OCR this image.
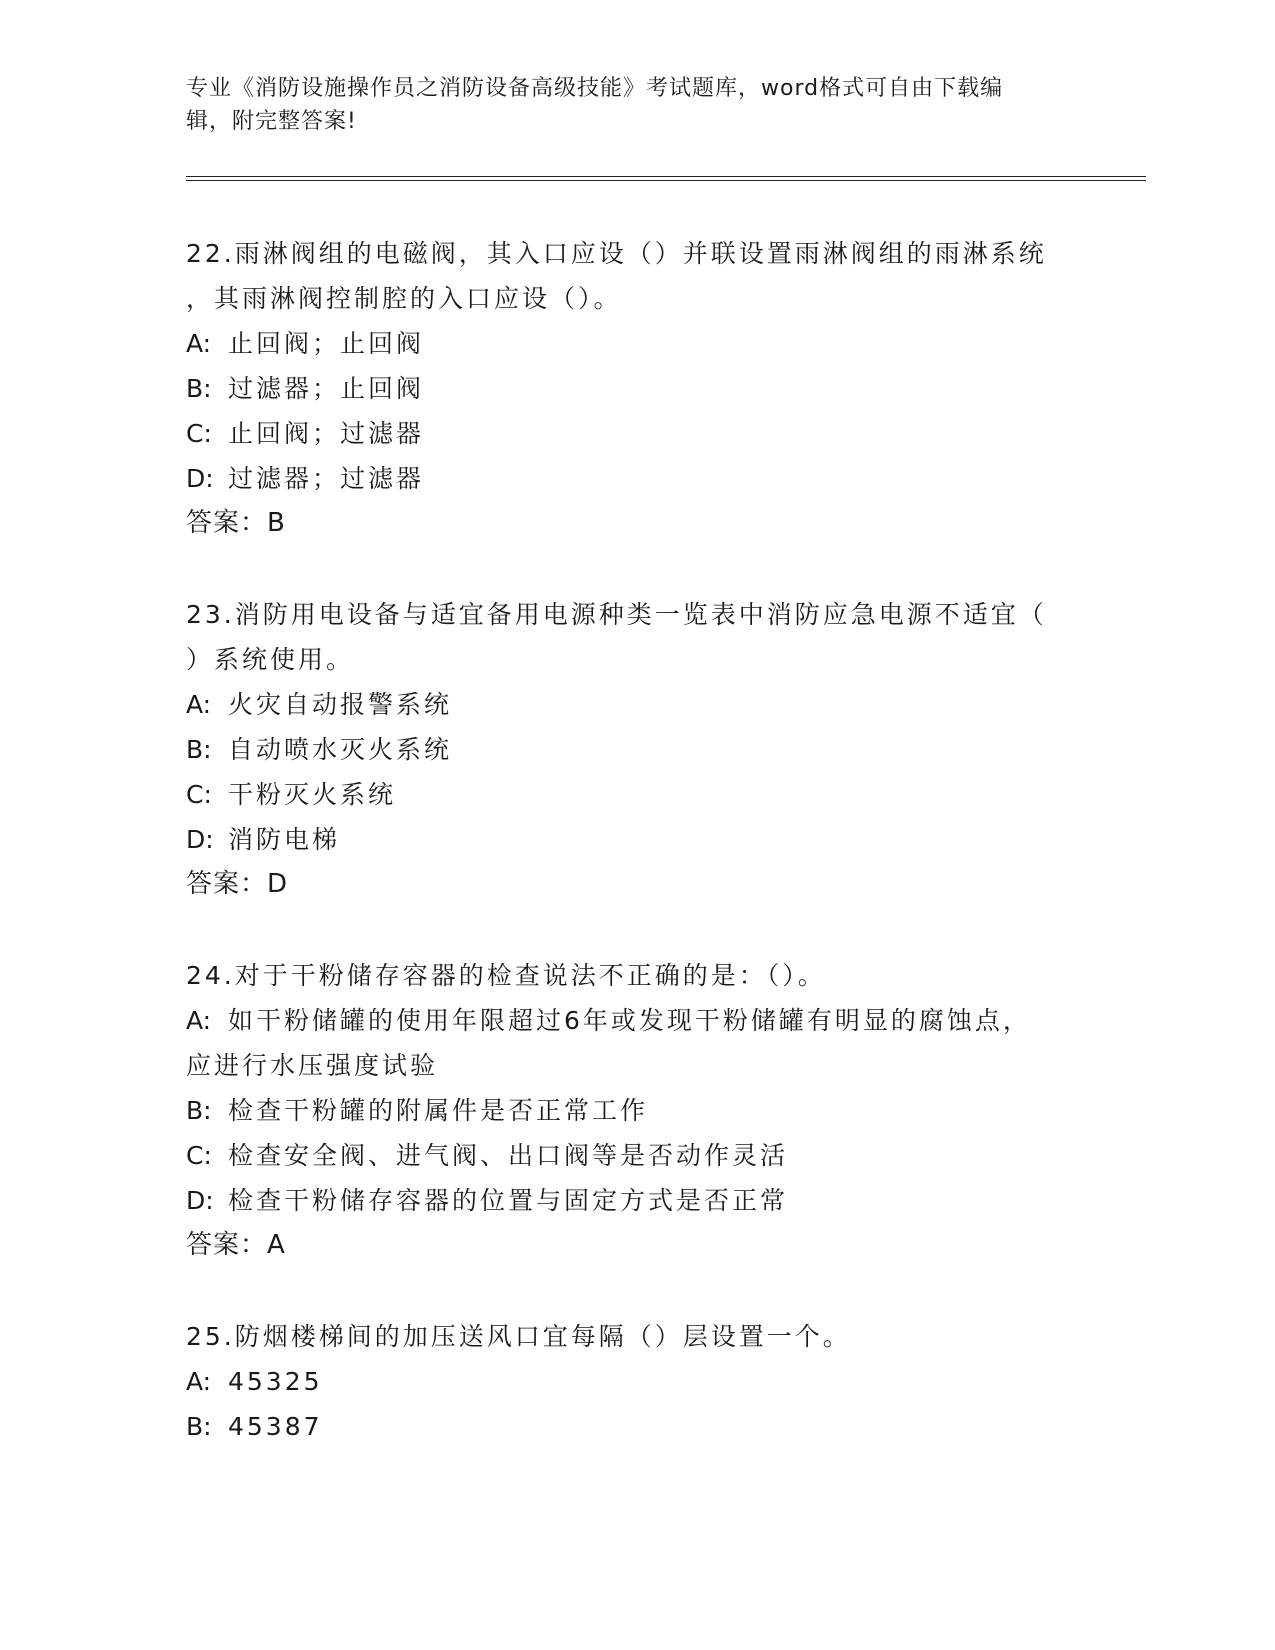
专业《消防设施操作员之消防设备高级技能》考试题库，word格式可自由下载编
辑，附完整答案!
22.雨淋阀组的电磁阀，其入口应设（）并联设置雨淋阀组的雨淋系统
，其雨淋阀控制腔的入口应设（）。
A: 止回阀；止回阀
B: 过滤器；止回阀
C: 止回阀；过滤器
D: 过滤器；过滤器
答案：B
23.消防用电设备与适宜备用电源种类一览表中消防应急电源不适宜（
）系统使用。
A: 火灾自动报警系统
B: 自动喷水灭火系统
C: 干粉灭火系统
D: 消防电梯
答案：D
24.对于干粉储存容器的检查说法不正确的是：（）。
A: 如干粉储罐的使用年限超过6年或发现干粉储罐有明显的腐蚀点，
应进行水压强度试验
B: 检查干粉罐的附属件是否正常工作
C: 检查安全阀、进气阀、出口阀等是否动作灵活
D: 检查干粉储存容器的位置与固定方式是否正常
答案：A
25.防烟楼梯间的加压送风口宜每隔（）层设置一个。
A: 45325
B: 45387
